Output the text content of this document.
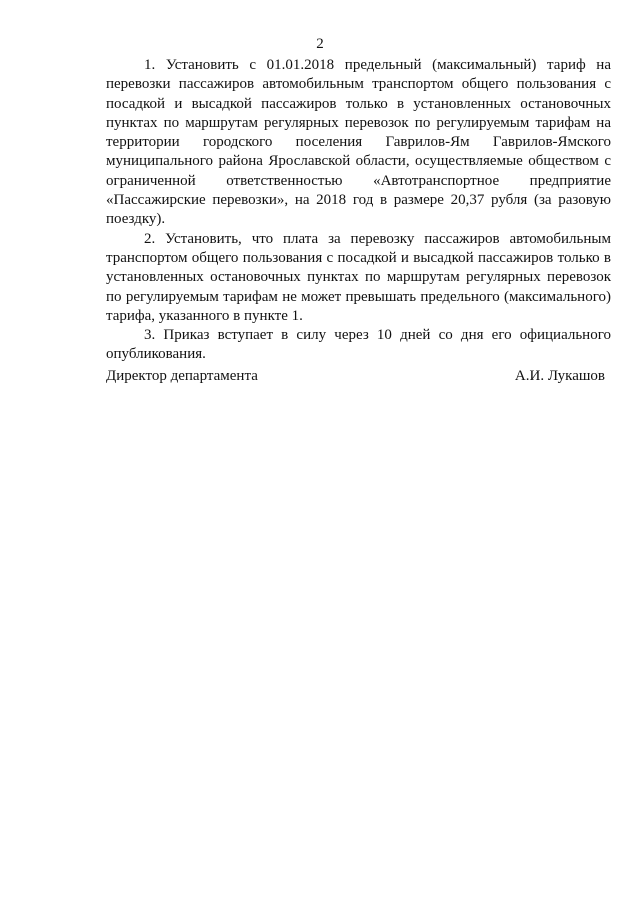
2

1. Установить с 01.01.2018 предельный (максимальный) тариф на перевозки пассажиров автомобильным транспортом общего пользования с посадкой и высадкой пассажиров только в установленных остановочных пунктах по маршрутам регулярных перевозок по регулируемым тарифам на территории городского поселения Гаврилов-Ям Гаврилов-Ямского муниципального района Ярославской области, осуществляемые обществом с ограниченной ответственностью «Автотранспортное предприятие «Пассажирские перевозки», на 2018 год в размере 20,37 рубля (за разовую поездку).

2. Установить, что плата за перевозку пассажиров автомобильным транспортом общего пользования с посадкой и высадкой пассажиров только в установленных остановочных пунктах по маршрутам регулярных перевозок по регулируемым тарифам не может превышать предельного (максимального) тарифа, указанного в пункте 1.

3. Приказ вступает в силу через 10 дней со дня его официального опубликования.

Директор департамента	А.И. Лукашов
